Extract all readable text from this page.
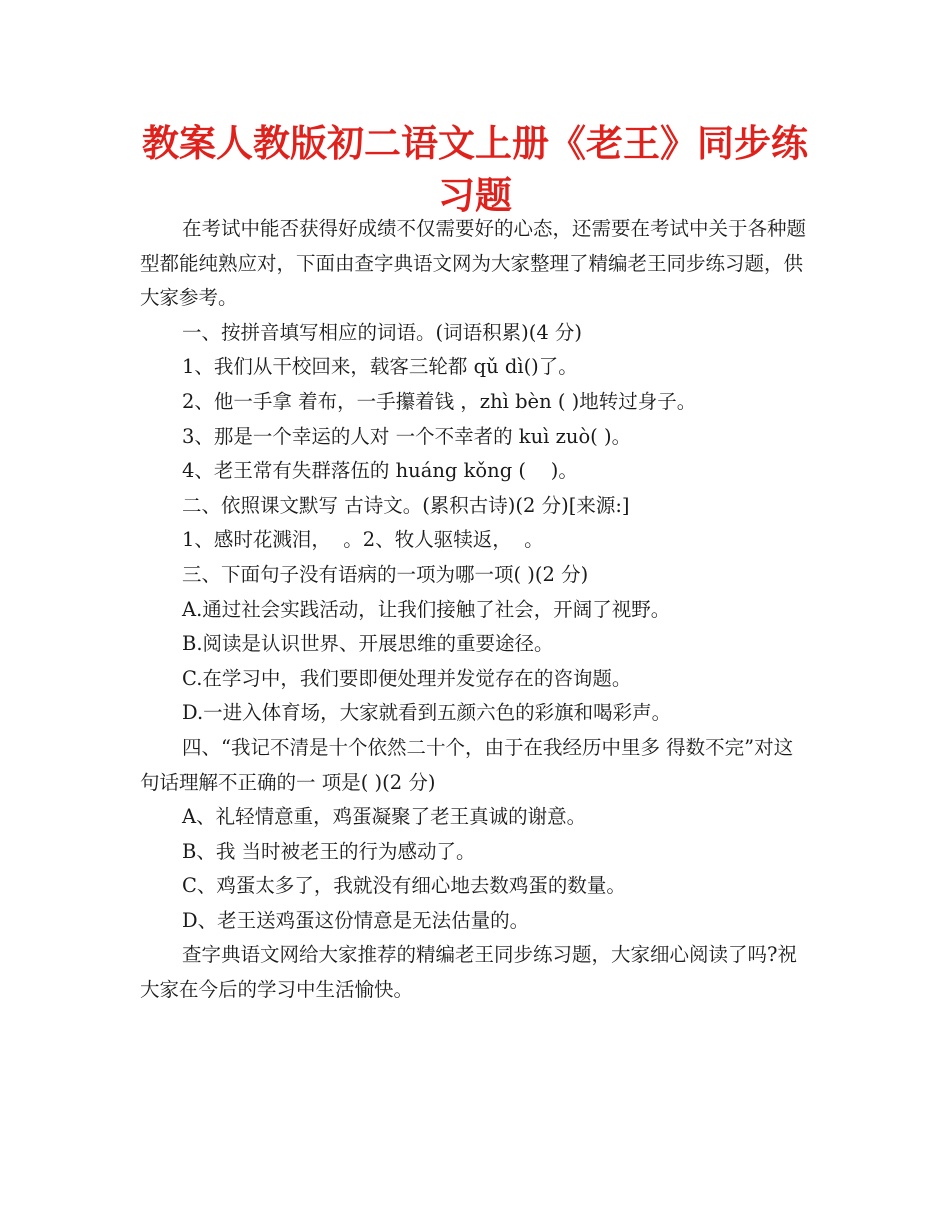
教案人教版初二语文上册《老王》同步练习题

在考试中能否获得好成绩不仅需要好的心态，还需要在考试中关于各种题型都能纯熟应对，下面由查字典语文网为大家整理了精编老王同步练习题，供大家参考。

一、按拼音填写相应的词语。(词语积累)(4 分)

1、我们从干校回来，载客三轮都 qǔ dì()了。

2、他一手拿 着布，一手攥着钱 ，zhì bèn ( )地转过身子。

3、那是一个幸运的人对 一个不幸者的 kuì zuò( )。

4、老王常有失群落伍的 huáng kǒng (    )。

二、依照课文默写 古诗文。(累积古诗)(2 分)[来源:]

1、感时花溅泪，  。2、牧人驱犊返，  。

三、下面句子没有语病的一项为哪一项( )(2 分)

A.通过社会实践活动，让我们接触了社会，开阔了视野。

B.阅读是认识世界、开展思维的重要途径。

C.在学习中，我们要即便处理并发觉存在的咨询题。

D.一进入体育场，大家就看到五颜六色的彩旗和喝彩声。

四、“我记不清是十个依然二十个，由于在我经历中里多 得数不完”对这句话理解不正确的一 项是( )(2 分)

A、礼轻情意重，鸡蛋凝聚了老王真诚的谢意。

B、我 当时被老王的行为感动了。

C、鸡蛋太多了，我就没有细心地去数鸡蛋的数量。

D、老王送鸡蛋这份情意是无法估量的。

查字典语文网给大家推荐的精编老王同步练习题，大家细心阅读了吗?祝大家在今后的学习中生活愉快。
